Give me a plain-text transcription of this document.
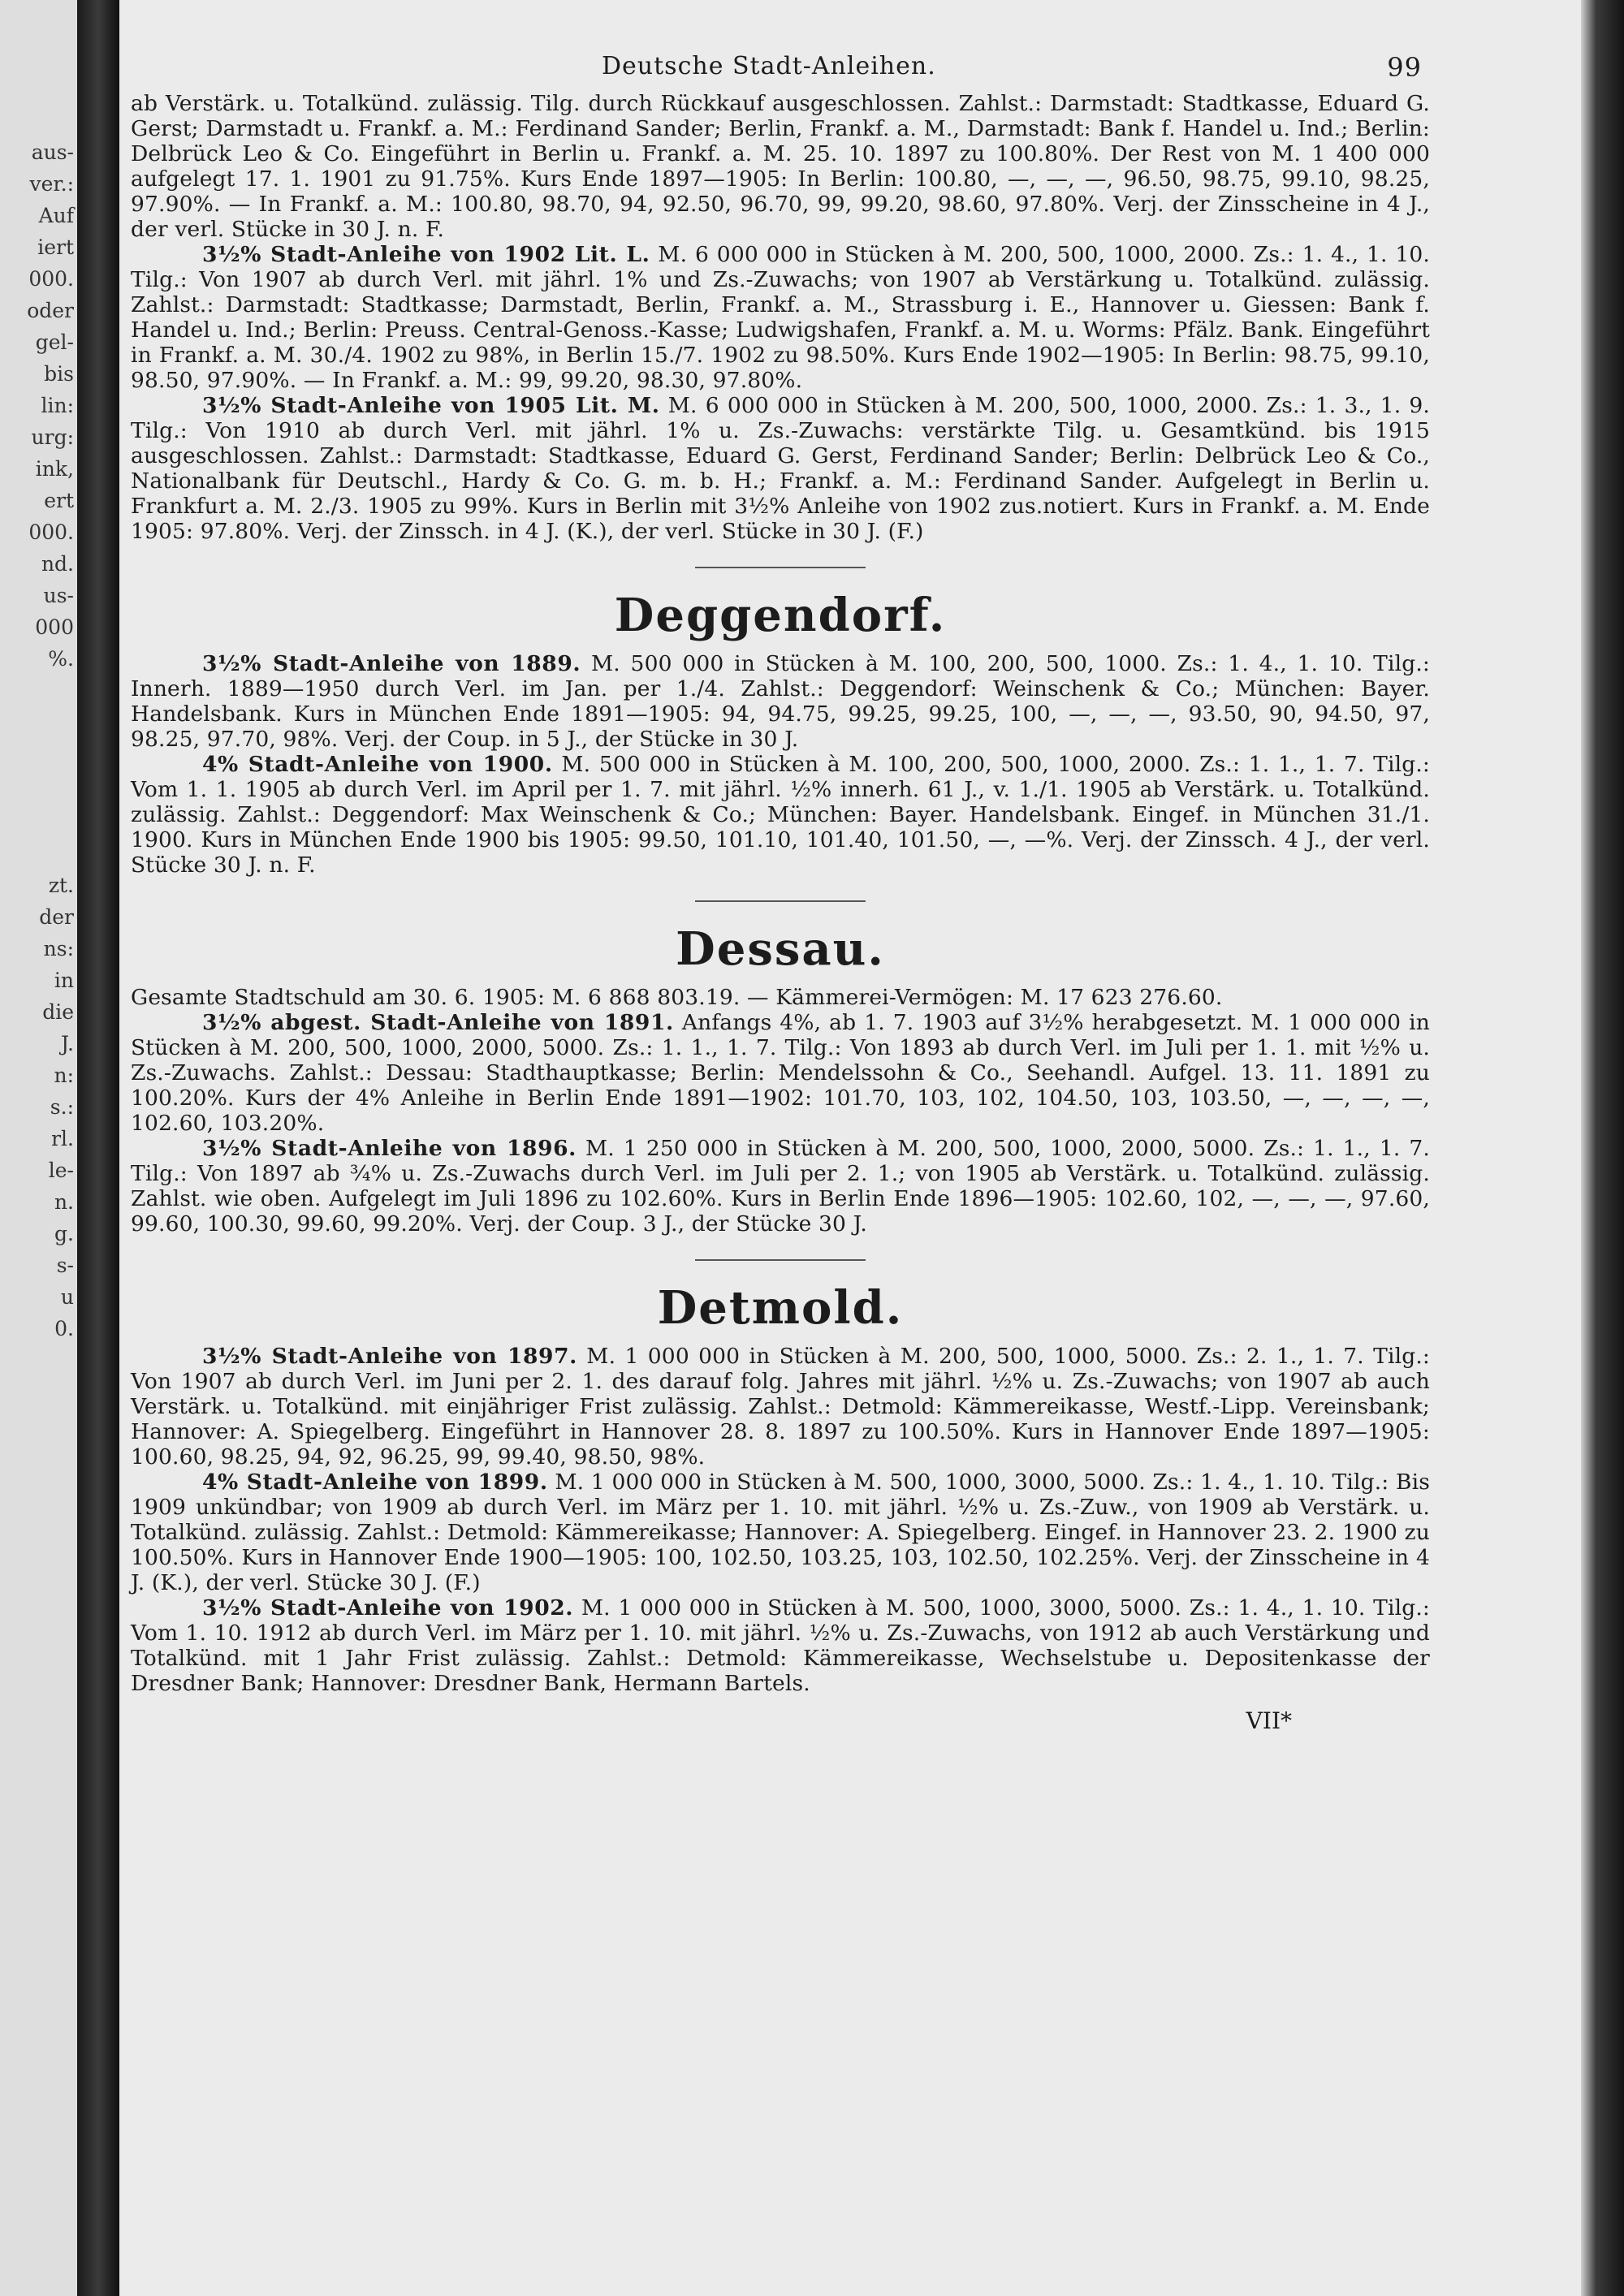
aus-
ver.:
Auf
iert
000.
oder
gel-
bis
lin:
urg:
ink,
ert
000.
nd.
us-
000
%.
zt.
der
ns:
in
die
J.
n:
s.:
rl.
le-
n.
g.
s-
u
0.
Deutsche Stadt-Anleihen.	99

ab Verstärk. u. Totalkünd. zulässig. Tilg. durch Rückkauf ausgeschlossen. Zahlst.: Darmstadt: Stadtkasse, Eduard G. Gerst; Darmstadt u. Frankf. a. M.: Ferdinand Sander; Berlin, Frankf. a. M., Darmstadt: Bank f. Handel u. Ind.; Berlin: Delbrück Leo & Co. Eingeführt in Berlin u. Frankf. a. M. 25. 10. 1897 zu 100.80%. Der Rest von M. 1 400 000 aufgelegt 17. 1. 1901 zu 91.75%. Kurs Ende 1897—1905: In Berlin: 100.80, —, —, —, 96.50, 98.75, 99.10, 98.25, 97.90%. — In Frankf. a. M.: 100.80, 98.70, 94, 92.50, 96.70, 99, 99.20, 98.60, 97.80%. Verj. der Zinsscheine in 4 J., der verl. Stücke in 30 J. n. F.

3½% Stadt-Anleihe von 1902 Lit. L. M. 6 000 000 in Stücken à M. 200, 500, 1000, 2000. Zs.: 1. 4., 1. 10. Tilg.: Von 1907 ab durch Verl. mit jährl. 1% und Zs.-Zuwachs; von 1907 ab Verstärkung u. Totalkünd. zulässig. Zahlst.: Darmstadt: Stadtkasse; Darmstadt, Berlin, Frankf. a. M., Strassburg i. E., Hannover u. Giessen: Bank f. Handel u. Ind.; Berlin: Preuss. Central-Genoss.-Kasse; Ludwigshafen, Frankf. a. M. u. Worms: Pfälz. Bank. Eingeführt in Frankf. a. M. 30./4. 1902 zu 98%, in Berlin 15./7. 1902 zu 98.50%. Kurs Ende 1902—1905: In Berlin: 98.75, 99.10, 98.50, 97.90%. — In Frankf. a. M.: 99, 99.20, 98.30, 97.80%.

3½% Stadt-Anleihe von 1905 Lit. M. M. 6 000 000 in Stücken à M. 200, 500, 1000, 2000. Zs.: 1. 3., 1. 9. Tilg.: Von 1910 ab durch Verl. mit jährl. 1% u. Zs.-Zuwachs: verstärkte Tilg. u. Gesamtkünd. bis 1915 ausgeschlossen. Zahlst.: Darmstadt: Stadtkasse, Eduard G. Gerst, Ferdinand Sander; Berlin: Delbrück Leo & Co., Nationalbank für Deutschl., Hardy & Co. G. m. b. H.; Frankf. a. M.: Ferdinand Sander. Aufgelegt in Berlin u. Frankfurt a. M. 2./3. 1905 zu 99%. Kurs in Berlin mit 3½% Anleihe von 1902 zus.notiert. Kurs in Frankf. a. M. Ende 1905: 97.80%. Verj. der Zinssch. in 4 J. (K.), der verl. Stücke in 30 J. (F.)

Deggendorf.

3½% Stadt-Anleihe von 1889. M. 500 000 in Stücken à M. 100, 200, 500, 1000. Zs.: 1. 4., 1. 10. Tilg.: Innerh. 1889—1950 durch Verl. im Jan. per 1./4. Zahlst.: Deggendorf: Weinschenk & Co.; München: Bayer. Handelsbank. Kurs in München Ende 1891—1905: 94, 94.75, 99.25, 99.25, 100, —, —, —, 93.50, 90, 94.50, 97, 98.25, 97.70, 98%. Verj. der Coup. in 5 J., der Stücke in 30 J.

4% Stadt-Anleihe von 1900. M. 500 000 in Stücken à M. 100, 200, 500, 1000, 2000. Zs.: 1. 1., 1. 7. Tilg.: Vom 1. 1. 1905 ab durch Verl. im April per 1. 7. mit jährl. ½% innerh. 61 J., v. 1./1. 1905 ab Verstärk. u. Totalkünd. zulässig. Zahlst.: Deggendorf: Max Weinschenk & Co.; München: Bayer. Handelsbank. Eingef. in München 31./1. 1900. Kurs in München Ende 1900 bis 1905: 99.50, 101.10, 101.40, 101.50, —, —%. Verj. der Zinssch. 4 J., der verl. Stücke 30 J. n. F.

Dessau.

Gesamte Stadtschuld am 30. 6. 1905: M. 6 868 803.19. — Kämmerei-Vermögen: M. 17 623 276.60.

3½% abgest. Stadt-Anleihe von 1891. Anfangs 4%, ab 1. 7. 1903 auf 3½% herabgesetzt. M. 1 000 000 in Stücken à M. 200, 500, 1000, 2000, 5000. Zs.: 1. 1., 1. 7. Tilg.: Von 1893 ab durch Verl. im Juli per 1. 1. mit ½% u. Zs.-Zuwachs. Zahlst.: Dessau: Stadthauptkasse; Berlin: Mendelssohn & Co., Seehandl. Aufgel. 13. 11. 1891 zu 100.20%. Kurs der 4% Anleihe in Berlin Ende 1891—1902: 101.70, 103, 102, 104.50, 103, 103.50, —, —, —, —, 102.60, 103.20%.

3½% Stadt-Anleihe von 1896. M. 1 250 000 in Stücken à M. 200, 500, 1000, 2000, 5000. Zs.: 1. 1., 1. 7. Tilg.: Von 1897 ab ¾% u. Zs.-Zuwachs durch Verl. im Juli per 2. 1.; von 1905 ab Verstärk. u. Totalkünd. zulässig. Zahlst. wie oben. Aufgelegt im Juli 1896 zu 102.60%. Kurs in Berlin Ende 1896—1905: 102.60, 102, —, —, —, 97.60, 99.60, 100.30, 99.60, 99.20%. Verj. der Coup. 3 J., der Stücke 30 J.

Detmold.

3½% Stadt-Anleihe von 1897. M. 1 000 000 in Stücken à M. 200, 500, 1000, 5000. Zs.: 2. 1., 1. 7. Tilg.: Von 1907 ab durch Verl. im Juni per 2. 1. des darauf folg. Jahres mit jährl. ½% u. Zs.-Zuwachs; von 1907 ab auch Verstärk. u. Totalkünd. mit einjähriger Frist zulässig. Zahlst.: Detmold: Kämmereikasse, Westf.-Lipp. Vereinsbank; Hannover: A. Spiegelberg. Eingeführt in Hannover 28. 8. 1897 zu 100.50%. Kurs in Hannover Ende 1897—1905: 100.60, 98.25, 94, 92, 96.25, 99, 99.40, 98.50, 98%.

4% Stadt-Anleihe von 1899. M. 1 000 000 in Stücken à M. 500, 1000, 3000, 5000. Zs.: 1. 4., 1. 10. Tilg.: Bis 1909 unkündbar; von 1909 ab durch Verl. im März per 1. 10. mit jährl. ½% u. Zs.-Zuw., von 1909 ab Verstärk. u. Totalkünd. zulässig. Zahlst.: Detmold: Kämmereikasse; Hannover: A. Spiegelberg. Eingef. in Hannover 23. 2. 1900 zu 100.50%. Kurs in Hannover Ende 1900—1905: 100, 102.50, 103.25, 103, 102.50, 102.25%. Verj. der Zinsscheine in 4 J. (K.), der verl. Stücke 30 J. (F.)

3½% Stadt-Anleihe von 1902. M. 1 000 000 in Stücken à M. 500, 1000, 3000, 5000. Zs.: 1. 4., 1. 10. Tilg.: Vom 1. 10. 1912 ab durch Verl. im März per 1. 10. mit jährl. ½% u. Zs.-Zuwachs, von 1912 ab auch Verstärkung und Totalkünd. mit 1 Jahr Frist zulässig. Zahlst.: Detmold: Kämmereikasse, Wechselstube u. Depositenkasse der Dresdner Bank; Hannover: Dresdner Bank, Hermann Bartels.

VII*
